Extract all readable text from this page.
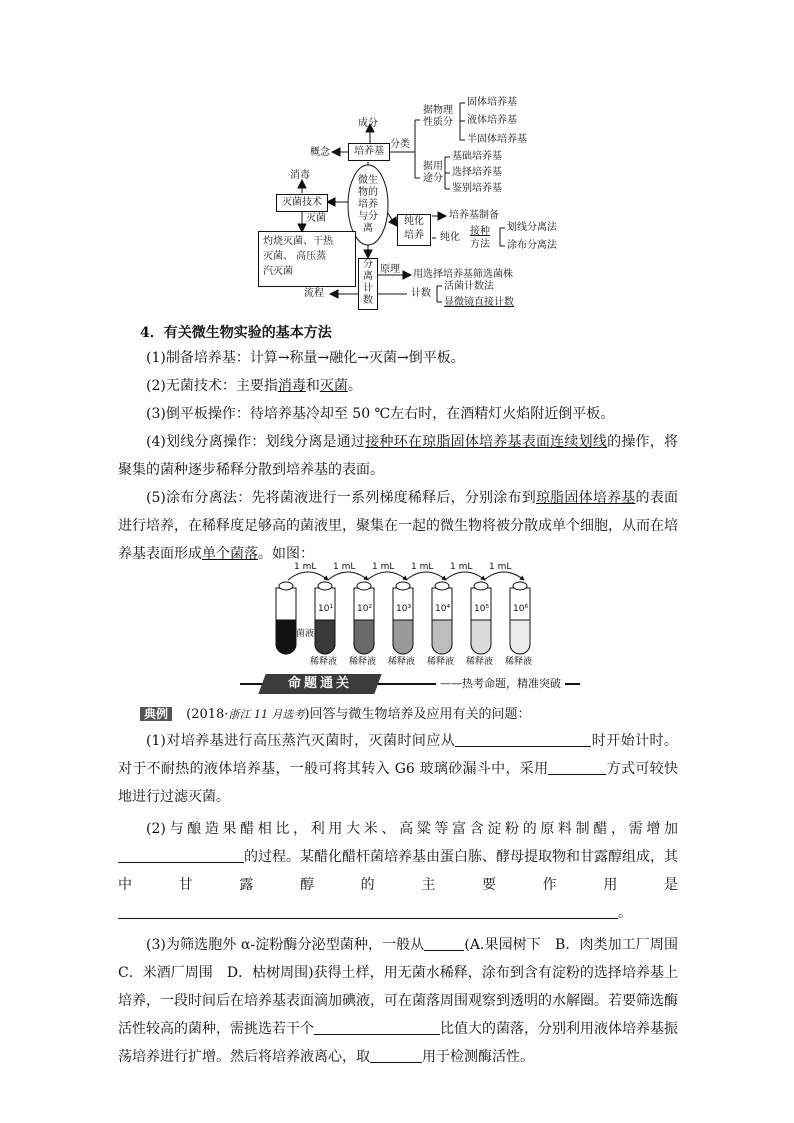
成分
概念	培养基
分类
据物理
性质分
固体培养基
液体培养基
半固体培养基
据用
途分
基础培养基
选择培养基
鉴别培养基
微生
物的
培养
与分
离
消毒
灭菌技术
灭菌
灼烧灭菌、干热
灭菌、 高压蒸
汽灭菌
纯化
培养
培养基制备
纯化
接种
方法
划线分离法
涂布分离法
分
离
计
数
原理 用选择培养基筛选菌株
计数
活菌计数法
显微镜直接计数
流程
4．有关微生物实验的基本方法
(1)制备培养基：计算→称量→融化→灭菌→倒平板。
(2)无菌技术：主要指消毒和灭菌。
(3)倒平板操作：待培养基冷却至 50 ℃左右时，在酒精灯火焰附近倒平板。
(4)划线分离操作：划线分离是通过接种环在琼脂固体培养基表面连续划线的操作，将聚集的菌种逐步稀释分散到培养基的表面。
(5)涂布分离法：先将菌液进行一系列梯度稀释后，分别涂布到琼脂固体培养基的表面进行培养，在稀释度足够高的菌液里，聚集在一起的微生物将被分散成单个细胞，从而在培养基表面形成单个菌落。如图：
1 mL 1 mL 1 mL 1 mL 1 mL 1 mL
菌液
10¹	10²	10³	10⁴	10⁵	10⁶
稀释液 稀释液 稀释液 稀释液 稀释液 稀释液
命题通关	——热考命题，精准突破
典例 (2018·浙江 11 月选考)回答与微生物培养及应用有关的问题：
(1)对培养基进行高压蒸汽灭菌时，灭菌时间应从	时开始计时。对于不耐热的液体培养基，一般可将其转入 G6 玻璃砂漏斗中，采用	方式可较快地进行过滤灭菌。
(2)与酿造果醋相比，利用大米、高粱等富含淀粉的原料制醋，需增加的过程。某醋化醋杆菌培养基由蛋白胨、酵母提取物和甘露醇组成，其中甘露醇的主要作用是。
(3)为筛选胞外 α-淀粉酶分泌型菌种，一般从	(A.果园树下　B．肉类加工厂周围　C．米酒厂周围　D．枯树周围)获得土样，用无菌水稀释，涂布到含有淀粉的选择培养基上培养，一段时间后在培养基表面滴加碘液，可在菌落周围观察到透明的水解圈。若要筛选酶活性较高的菌种，需挑选若干个	比值大的菌落，分别利用液体培养基振荡培养进行扩增。然后将培养液离心，取	用于检测酶活性。
